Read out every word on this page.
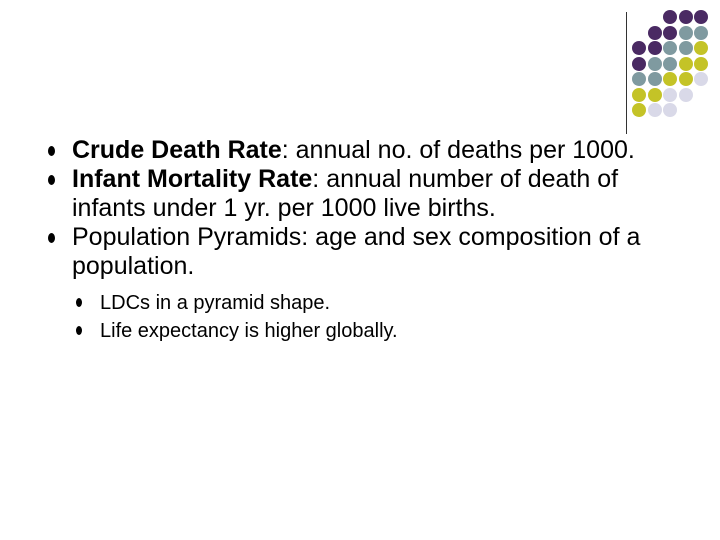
Crude Death Rate: annual no. of deaths per 1000.
Infant Mortality Rate: annual number of death of infants under 1 yr. per 1000 live births.
Population Pyramids: age and sex composition of a population.
LDCs in a pyramid shape.
Life expectancy is higher globally.
